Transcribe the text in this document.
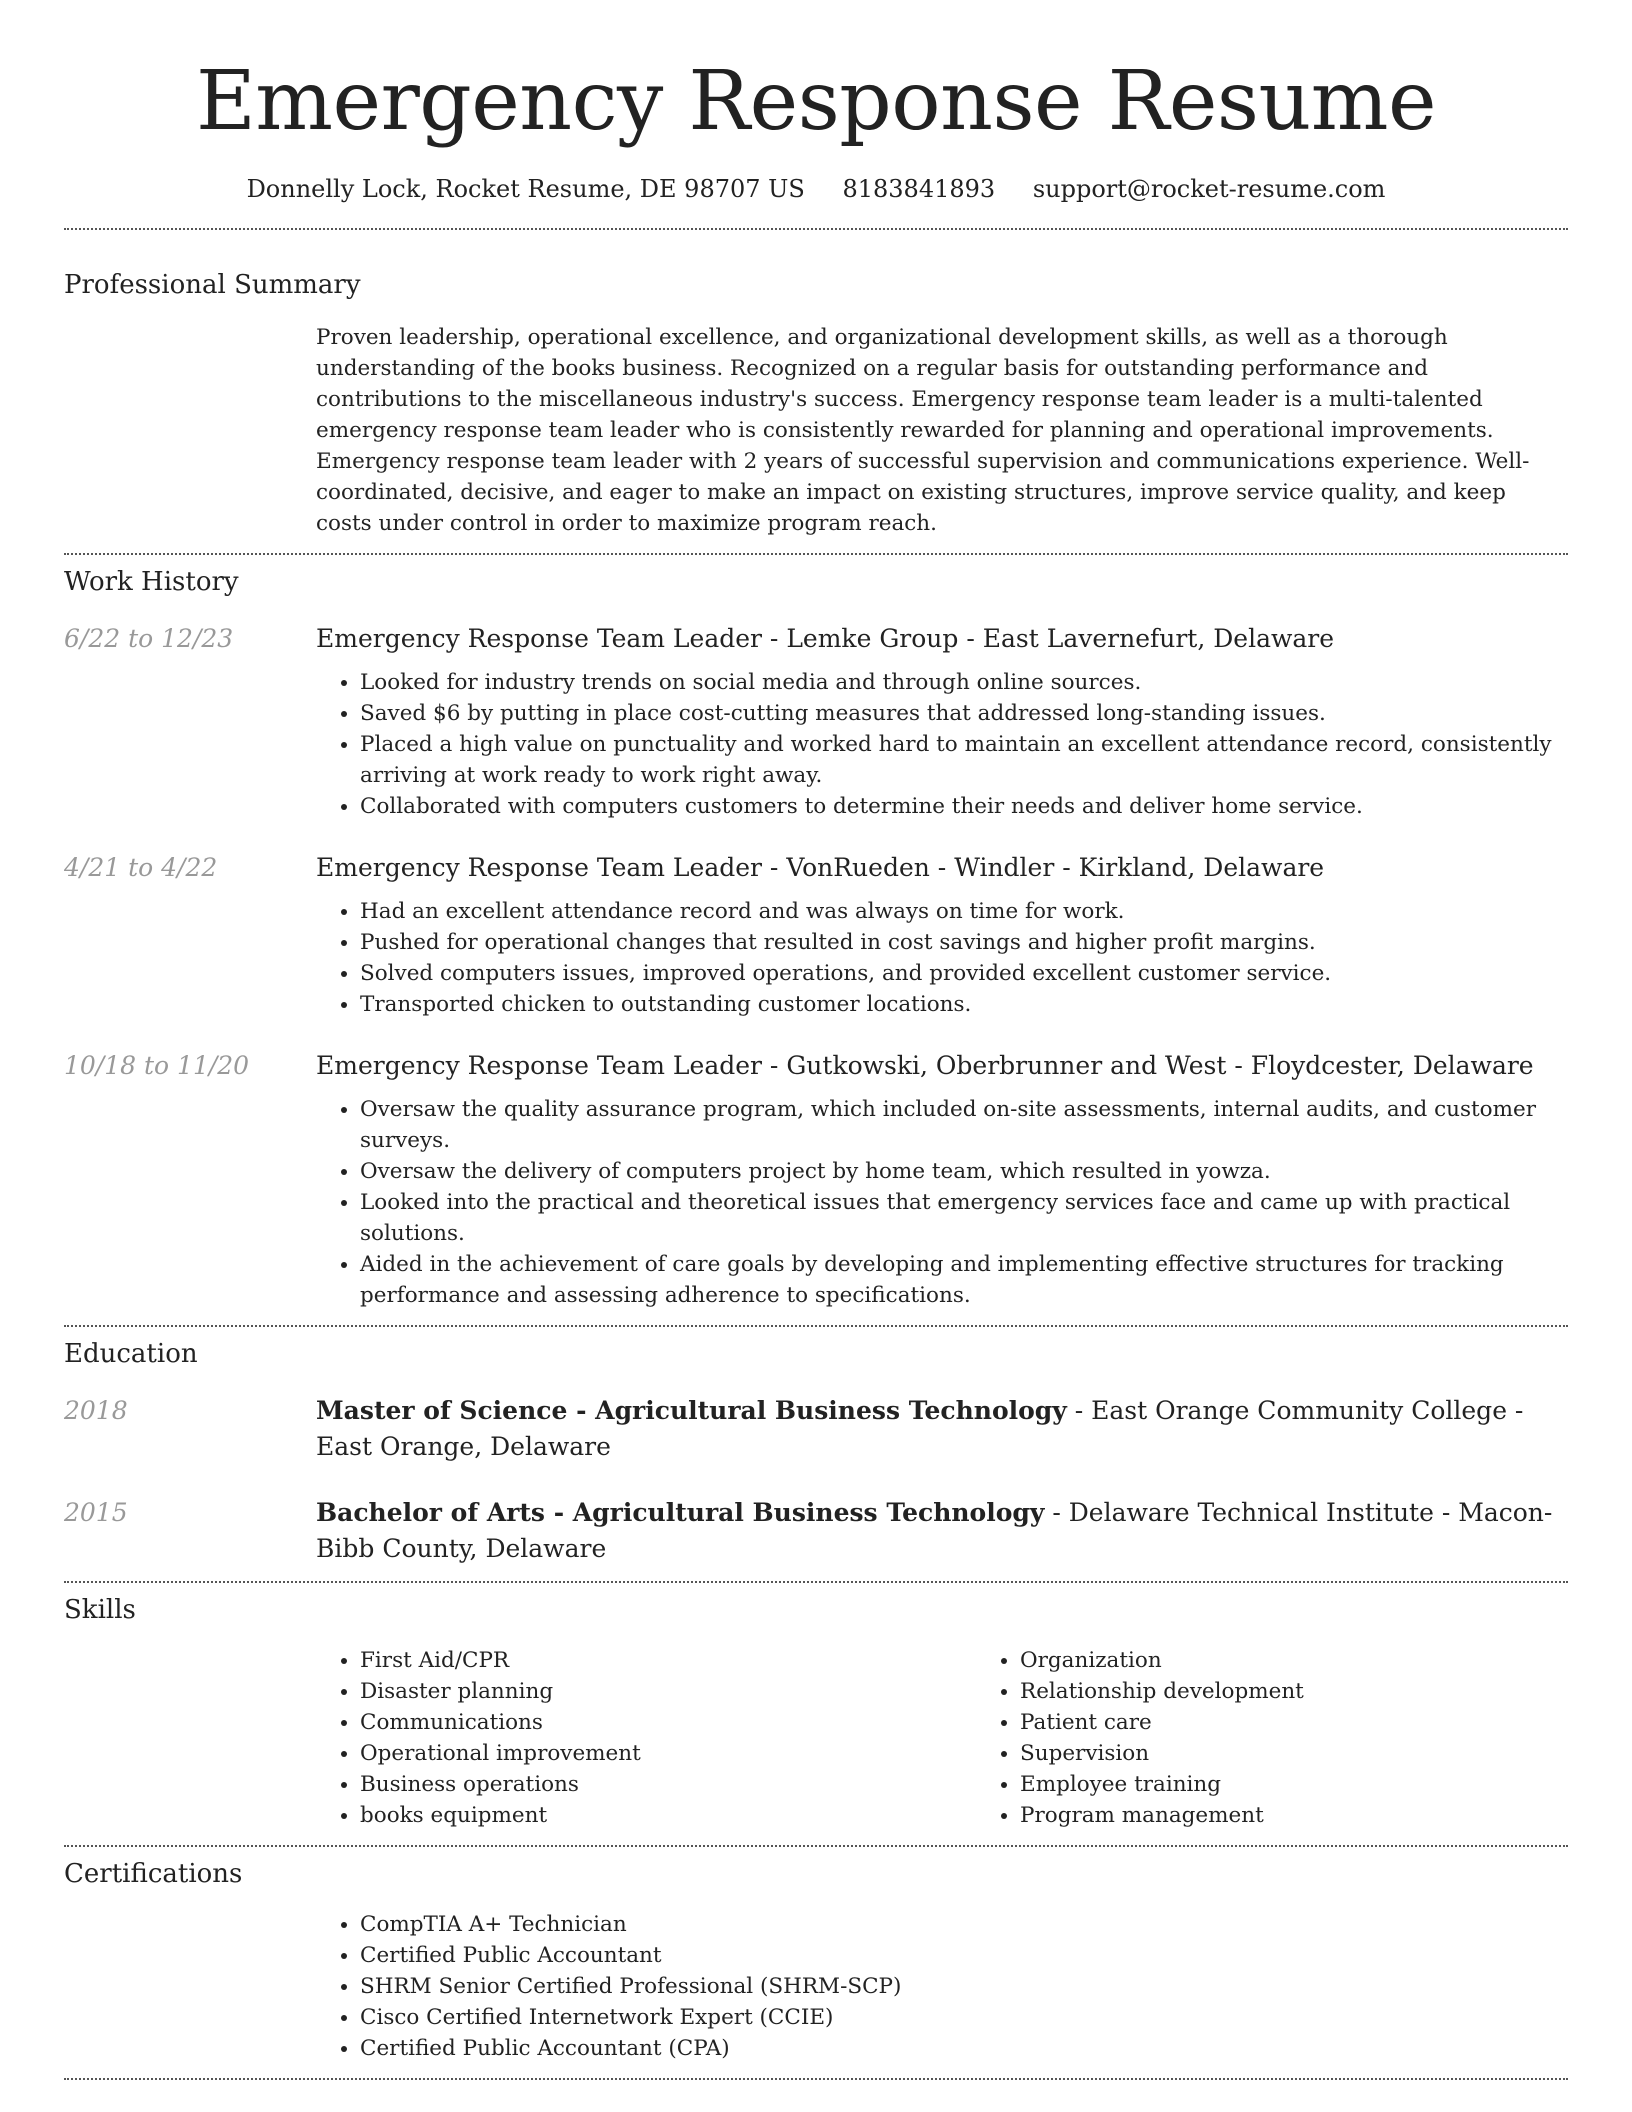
Emergency Response Resume
Donnelly Lock, Rocket Resume, DE 98707 US 8183841893 support@rocket-resume.com
Professional Summary

Proven leadership, operational excellence, and organizational development skills, as well as a thorough understanding of the books business. Recognized on a regular basis for outstanding performance and contributions to the miscellaneous industry's success. Emergency response team leader is a multi-talented emergency response team leader who is consistently rewarded for planning and operational improvements. Emergency response team leader with 2 years of successful supervision and communications experience. Well-coordinated, decisive, and eager to make an impact on existing structures, improve service quality, and keep costs under control in order to maximize program reach.

Work History
6/22 to 12/23	Emergency Response Team Leader - Lemke Group - East Lavernefurt, Delaware
• Looked for industry trends on social media and through online sources.
• Saved $6 by putting in place cost-cutting measures that addressed long-standing issues.
• Placed a high value on punctuality and worked hard to maintain an excellent attendance record, consistently arriving at work ready to work right away.
• Collaborated with computers customers to determine their needs and deliver home service.
4/21 to 4/22	Emergency Response Team Leader - VonRueden - Windler - Kirkland, Delaware
• Had an excellent attendance record and was always on time for work.
• Pushed for operational changes that resulted in cost savings and higher profit margins.
• Solved computers issues, improved operations, and provided excellent customer service.
• Transported chicken to outstanding customer locations.
10/18 to 11/20	Emergency Response Team Leader - Gutkowski, Oberbrunner and West - Floydcester, Delaware
• Oversaw the quality assurance program, which included on-site assessments, internal audits, and customer surveys.
• Oversaw the delivery of computers project by home team, which resulted in yowza.
• Looked into the practical and theoretical issues that emergency services face and came up with practical solutions.
• Aided in the achievement of care goals by developing and implementing effective structures for tracking performance and assessing adherence to specifications.
Education
2018	Master of Science - Agricultural Business Technology - East Orange Community College - East Orange, Delaware

2015	Bachelor of Arts - Agricultural Business Technology - Delaware Technical Institute - Macon-Bibb County, Delaware

Skills
• First Aid/CPR
• Disaster planning
• Communications
• Operational improvement
• Business operations
• books equipment
• Organization
• Relationship development
• Patient care
• Supervision
• Employee training
• Program management
Certifications
• CompTIA A+ Technician
• Certified Public Accountant
• SHRM Senior Certified Professional (SHRM-SCP)
• Cisco Certified Internetwork Expert (CCIE)
• Certified Public Accountant (CPA)
